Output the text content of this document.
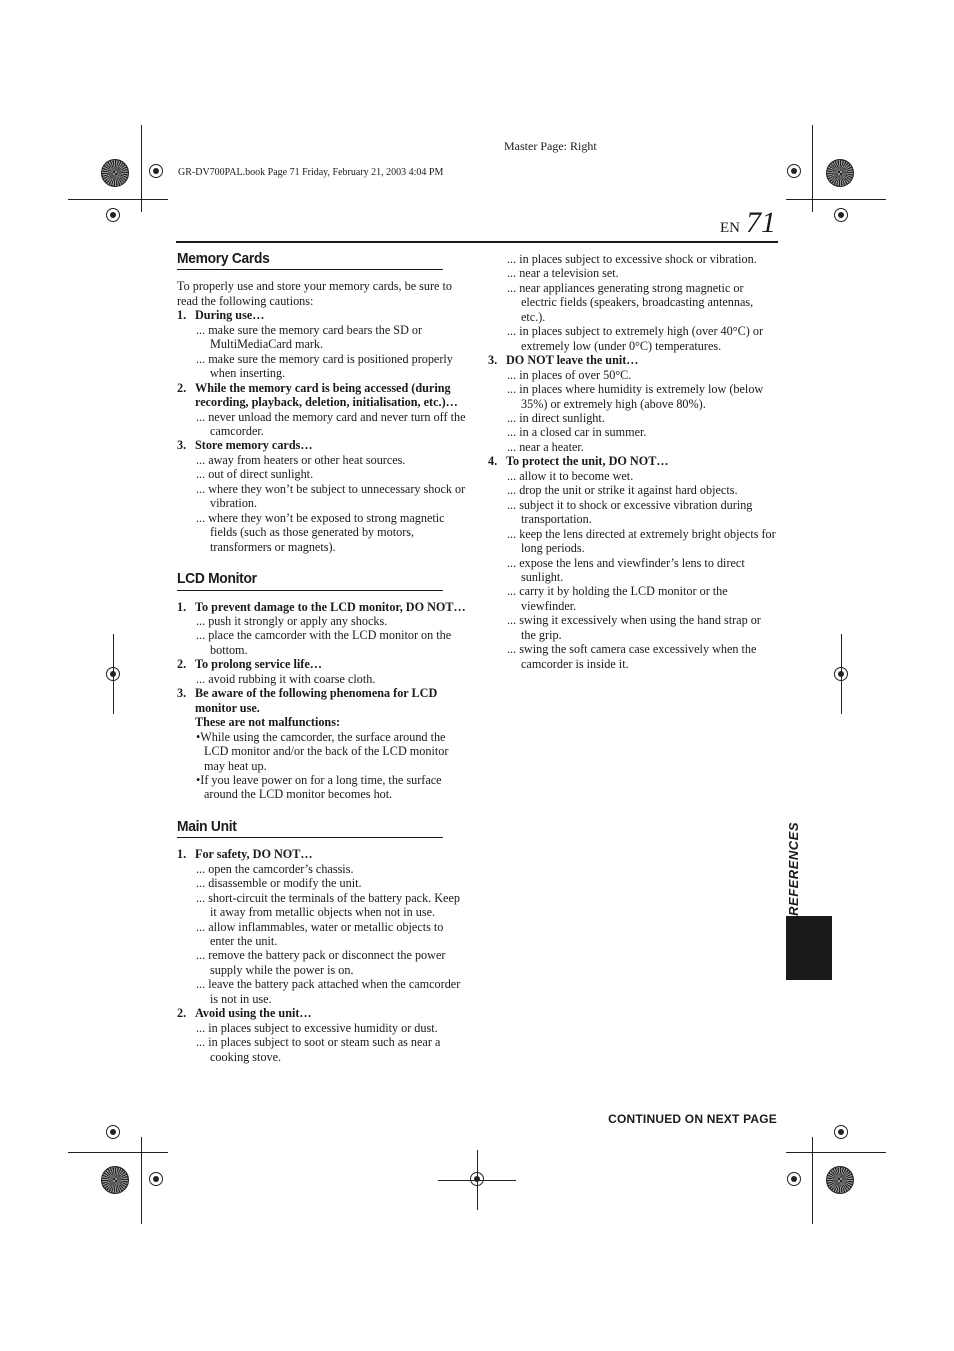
Master Page: Right
GR-DV700PAL.book Page 71 Friday, February 21, 2003 4:04 PM
EN 71
Memory Cards
To properly use and store your memory cards, be sure to read the following cautions:
1. During use…
... make sure the memory card bears the SD or MultiMediaCard mark.
... make sure the memory card is positioned properly when inserting.
2. While the memory card is being accessed (during recording, playback, deletion, initialisation, etc.)…
... never unload the memory card and never turn off the camcorder.
3. Store memory cards…
... away from heaters or other heat sources.
... out of direct sunlight.
... where they won’t be subject to unnecessary shock or vibration.
... where they won’t be exposed to strong magnetic fields (such as those generated by motors, transformers or magnets).
LCD Monitor
1. To prevent damage to the LCD monitor, DO NOT…
... push it strongly or apply any shocks.
... place the camcorder with the LCD monitor on the bottom.
2. To prolong service life…
... avoid rubbing it with coarse cloth.
3. Be aware of the following phenomena for LCD monitor use.
These are not malfunctions:
•While using the camcorder, the surface around the LCD monitor and/or the back of the LCD monitor may heat up.
•If you leave power on for a long time, the surface around the LCD monitor becomes hot.
Main Unit
1. For safety, DO NOT…
... open the camcorder’s chassis.
... disassemble or modify the unit.
... short-circuit the terminals of the battery pack. Keep it away from metallic objects when not in use.
... allow inflammables, water or metallic objects to enter the unit.
... remove the battery pack or disconnect the power supply while the power is on.
... leave the battery pack attached when the camcorder is not in use.
2. Avoid using the unit…
... in places subject to excessive humidity or dust.
... in places subject to soot or steam such as near a cooking stove.
... in places subject to excessive shock or vibration.
... near a television set.
... near appliances generating strong magnetic or electric fields (speakers, broadcasting antennas, etc.).
... in places subject to extremely high (over 40°C) or extremely low (under 0°C) temperatures.
3. DO NOT leave the unit…
... in places of over 50°C.
... in places where humidity is extremely low (below 35%) or extremely high (above 80%).
... in direct sunlight.
... in a closed car in summer.
... near a heater.
4. To protect the unit, DO NOT…
... allow it to become wet.
... drop the unit or strike it against hard objects.
... subject it to shock or excessive vibration during transportation.
... keep the lens directed at extremely bright objects for long periods.
... expose the lens and viewfinder’s lens to direct sunlight.
... carry it by holding the LCD monitor or the viewfinder.
... swing it excessively when using the hand strap or the grip.
... swing the soft camera case excessively when the camcorder is inside it.
REFERENCES
CONTINUED ON NEXT PAGE
